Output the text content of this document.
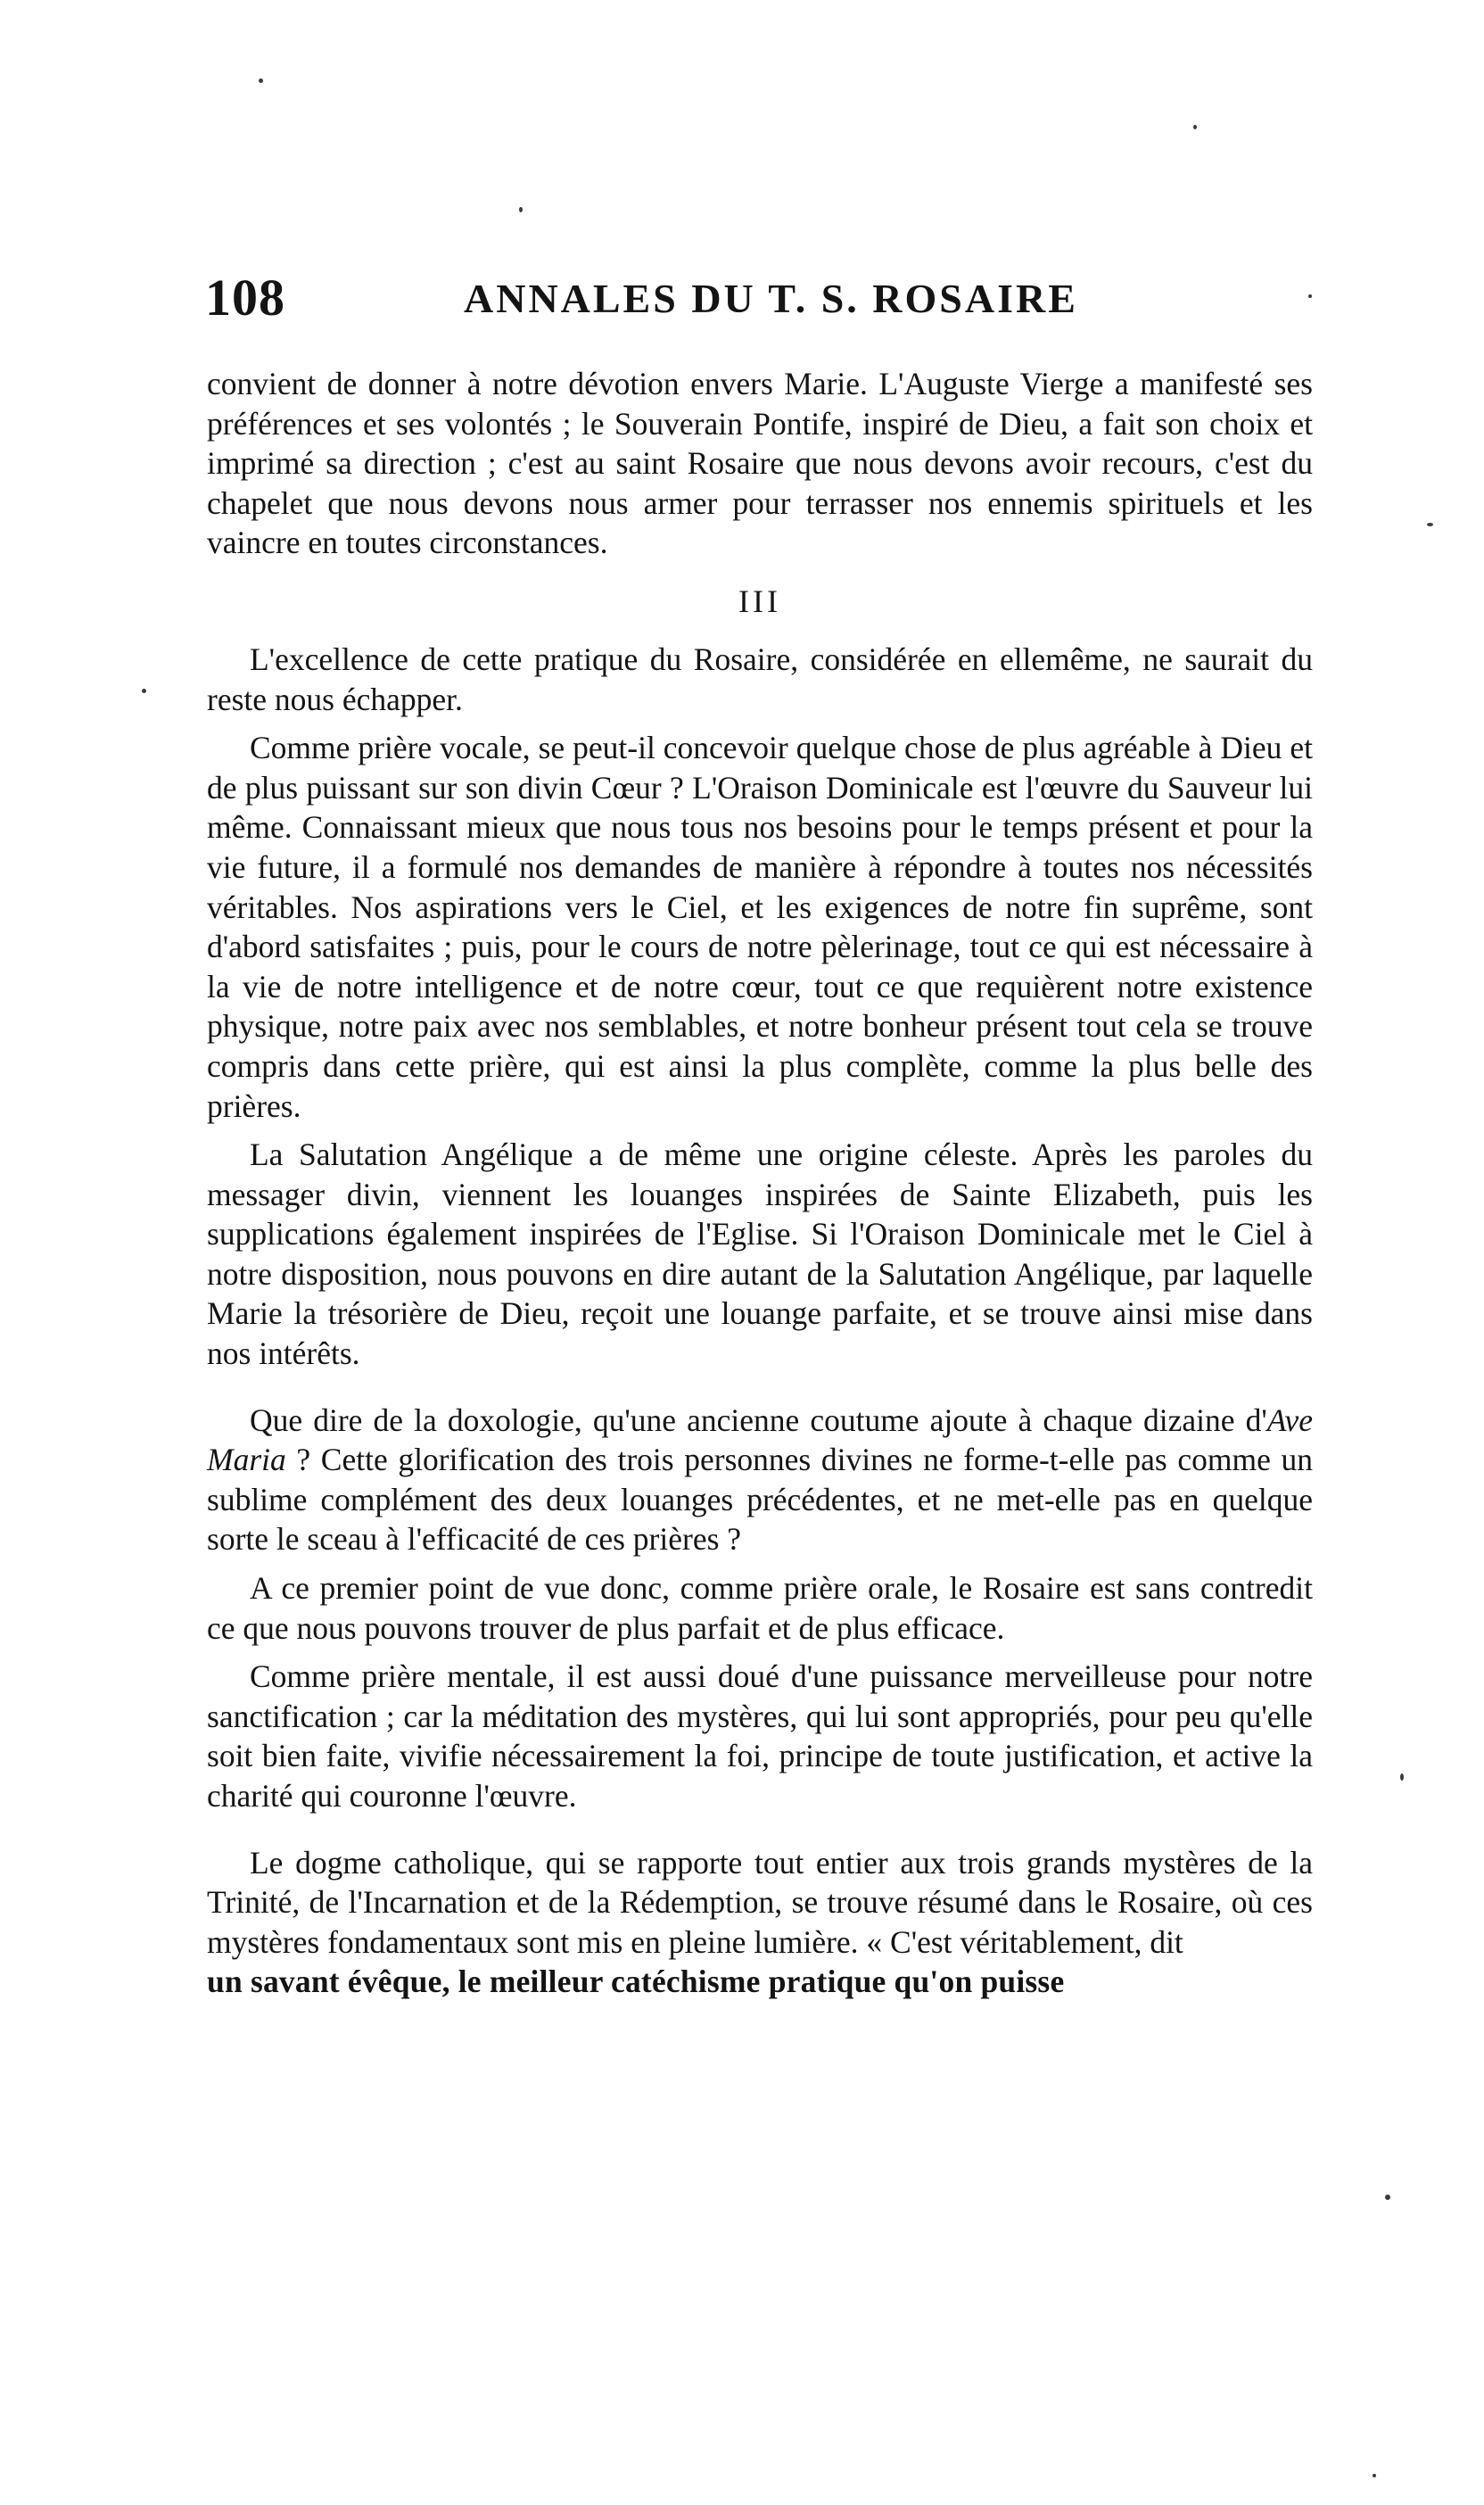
108	ANNALES DU T. S. ROSAIRE

convient de donner à notre dévotion envers Marie. L'Auguste Vierge a manifesté ses préférences et ses volontés ; le Souverain Pontife, inspiré de Dieu, a fait son choix et imprimé sa direction ; c'est au saint Rosaire que nous devons avoir recours, c'est du chapelet que nous devons nous armer pour terrasser nos ennemis spirituels et les vaincre en toutes circonstances.

III

L'excellence de cette pratique du Rosaire, considérée en ellemême, ne saurait du reste nous échapper.

Comme prière vocale, se peut-il concevoir quelque chose de plus agréable à Dieu et de plus puissant sur son divin Cœur ? L'Oraison Dominicale est l'œuvre du Sauveur lui même. Connaissant mieux que nous tous nos besoins pour le temps présent et pour la vie future, il a formulé nos demandes de manière à répondre à toutes nos nécessités véritables. Nos aspirations vers le Ciel, et les exigences de notre fin suprême, sont d'abord satisfaites ; puis, pour le cours de notre pèlerinage, tout ce qui est nécessaire à la vie de notre intelligence et de notre cœur, tout ce que requièrent notre existence physique, notre paix avec nos semblables, et notre bonheur présent tout cela se trouve compris dans cette prière, qui est ainsi la plus complète, comme la plus belle des prières.

La Salutation Angélique a de même une origine céleste. Après les paroles du messager divin, viennent les louanges inspirées de Sainte Elizabeth, puis les supplications également inspirées de l'Eglise. Si l'Oraison Dominicale met le Ciel à notre disposition, nous pouvons en dire autant de la Salutation Angélique, par laquelle Marie la trésorière de Dieu, reçoit une louange parfaite, et se trouve ainsi mise dans nos intérêts.

Que dire de la doxologie, qu'une ancienne coutume ajoute à chaque dizaine d'Ave Maria ? Cette glorification des trois personnes divines ne forme-t-elle pas comme un sublime complément des deux louanges précédentes, et ne met-elle pas en quelque sorte le sceau à l'efficacité de ces prières ?

A ce premier point de vue donc, comme prière orale, le Rosaire est sans contredit ce que nous pouvons trouver de plus parfait et de plus efficace.

Comme prière mentale, il est aussi doué d'une puissance merveilleuse pour notre sanctification ; car la méditation des mystères, qui lui sont appropriés, pour peu qu'elle soit bien faite, vivifie nécessairement la foi, principe de toute justification, et active la charité qui couronne l'œuvre.

Le dogme catholique, qui se rapporte tout entier aux trois grands mystères de la Trinité, de l'Incarnation et de la Rédemption, se trouve résumé dans le Rosaire, où ces mystères fondamentaux sont mis en pleine lumière. « C'est véritablement, dit
un savant évêque, le meilleur catéchisme pratique qu'on puisse
